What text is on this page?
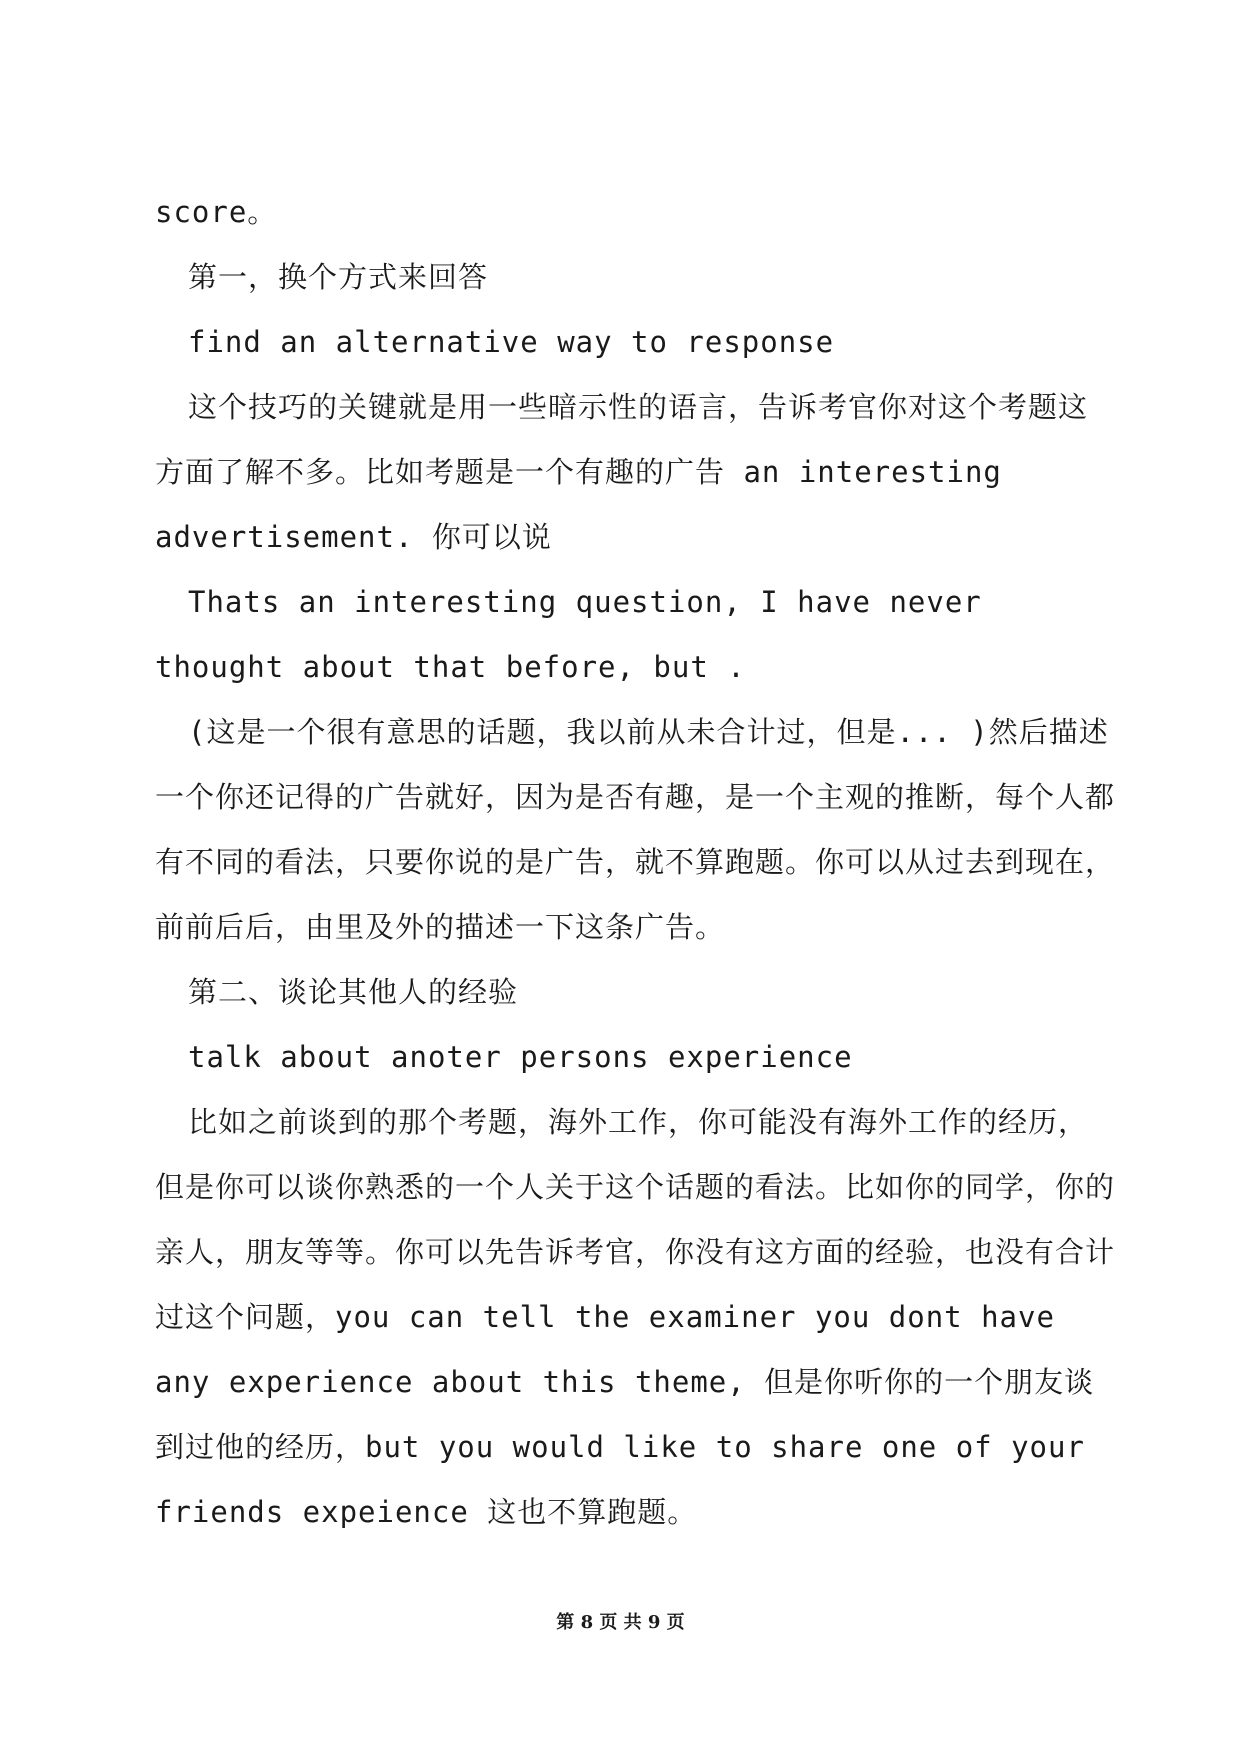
score。

第一，换个方式来回答

find an alternative way to response

这个技巧的关键就是用一些暗示性的语言，告诉考官你对这个考题这方面了解不多。比如考题是一个有趣的广告 an interesting advertisement. 你可以说

Thats an interesting question, I have never thought about that before, but .

(这是一个很有意思的话题，我以前从未合计过，但是... )然后描述一个你还记得的广告就好，因为是否有趣，是一个主观的推断，每个人都有不同的看法，只要你说的是广告，就不算跑题。你可以从过去到现在，前前后后，由里及外的描述一下这条广告。

第二、谈论其他人的经验

talk about anoter persons experience

比如之前谈到的那个考题，海外工作，你可能没有海外工作的经历，但是你可以谈你熟悉的一个人关于这个话题的看法。比如你的同学，你的亲人，朋友等等。你可以先告诉考官，你没有这方面的经验，也没有合计过这个问题，you can tell the examiner you dont have any experience about this theme, 但是你听你的一个朋友谈到过他的经历，but you would like to share one of your friends expeience 这也不算跑题。

第 8 页 共 9 页
